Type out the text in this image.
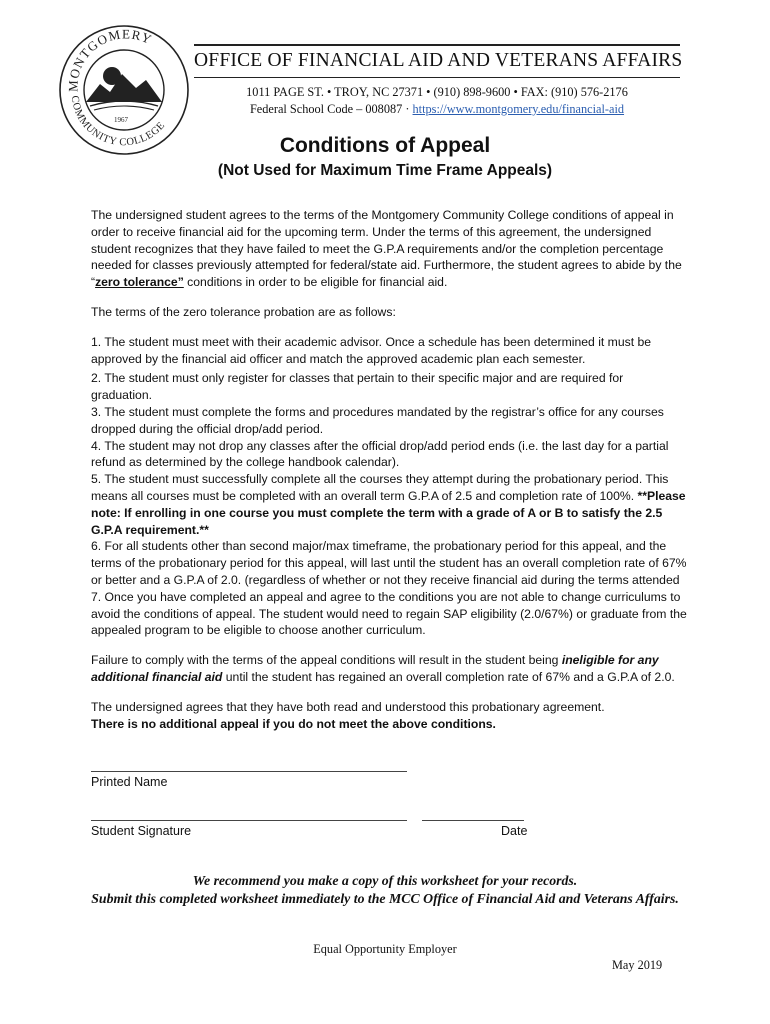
MONTGOMERY
COMMUNITY COLLEGE
1967
OFFICE OF FINANCIAL AID AND VETERANS AFFAIRS
1011 PAGE ST. • TROY, NC 27371 • (910) 898-9600 • FAX: (910) 576-2176
Federal School Code – 008087 · https://www.montgomery.edu/financial-aid
Conditions of Appeal
(Not Used for Maximum Time Frame Appeals)

The undersigned student agrees to the terms of the Montgomery Community College conditions of appeal in order to receive financial aid for the upcoming term. Under the terms of this agreement, the undersigned student recognizes that they have failed to meet the G.P.A requirements and/or the completion percentage needed for classes previously attempted for federal/state aid. Furthermore, the student agrees to abide by the “zero tolerance” conditions in order to be eligible for financial aid.

The terms of the zero tolerance probation are as follows:

1. The student must meet with their academic advisor. Once a schedule has been determined it must be approved by the financial aid officer and match the approved academic plan each semester.

2. The student must only register for classes that pertain to their specific major and are required for graduation.

3. The student must complete the forms and procedures mandated by the registrar’s office for any courses dropped during the official drop/add period.

4. The student may not drop any classes after the official drop/add period ends (i.e. the last day for a partial refund as determined by the college handbook calendar).

5. The student must successfully complete all the courses they attempt during the probationary period. This means all courses must be completed with an overall term G.P.A of 2.5 and completion rate of 100%. **Please note: If enrolling in one course you must complete the term with a grade of A or B to satisfy the 2.5 G.P.A requirement.**

6. For all students other than second major/max timeframe, the probationary period for this appeal, and the terms of the probationary period for this appeal, will last until the student has an overall completion rate of 67% or better and a G.P.A of 2.0. (regardless of whether or not they receive financial aid during the terms attended

7. Once you have completed an appeal and agree to the conditions you are not able to change curriculums to avoid the conditions of appeal. The student would need to regain SAP eligibility (2.0/67%) or graduate from the appealed program to be eligible to choose another curriculum.

Failure to comply with the terms of the appeal conditions will result in the student being ineligible for any additional financial aid until the student has regained an overall completion rate of 67% and a G.P.A of 2.0.

The undersigned agrees that they have both read and understood this probationary agreement.

There is no additional appeal if you do not meet the above conditions.

Printed Name
Student Signature	Date
We recommend you make a copy of this worksheet for your records.
Submit this completed worksheet immediately to the MCC Office of Financial Aid and Veterans Affairs.
Equal Opportunity Employer
May 2019
